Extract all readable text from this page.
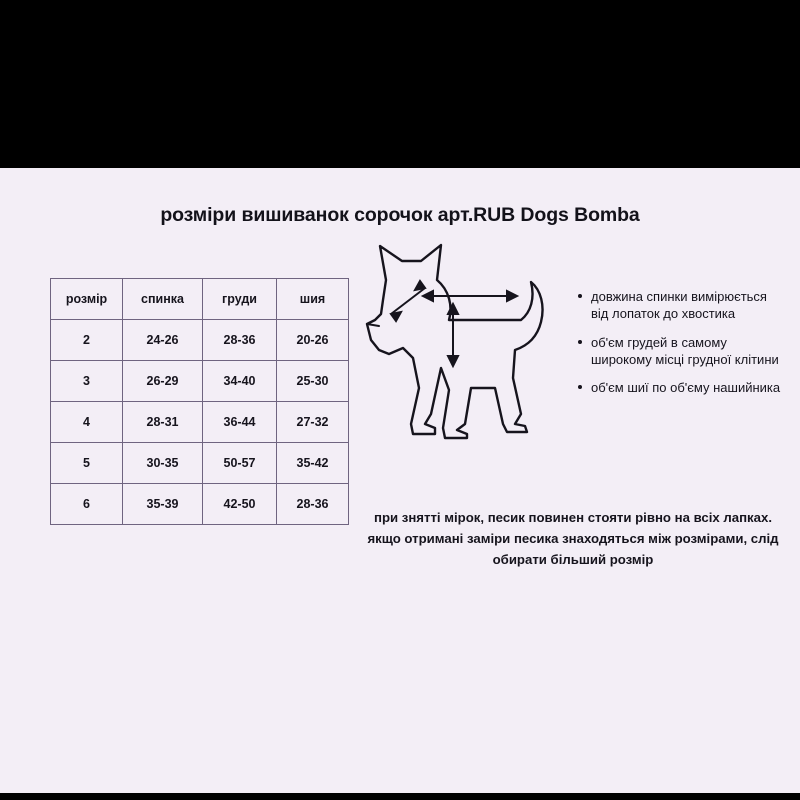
розміри вишиванок сорочок арт.RUB Dogs Bomba
розмір	спинка	груди	шия
2	24-26	28-36	20-26
3	26-29	34-40	25-30
4	28-31	36-44	27-32
5	30-35	50-57	35-42
6	35-39	42-50	28-36
довжина спинки вимірюється від лопаток до хвостика
об'єм грудей в самому широкому місці грудної клітини
об'єм шиї по об'єму нашийника
при знятті мірок, песик повинен стояти рівно на всіх лапках. якщо отримані заміри песика знаходяться між розмірами, слід обирати більший розмір
